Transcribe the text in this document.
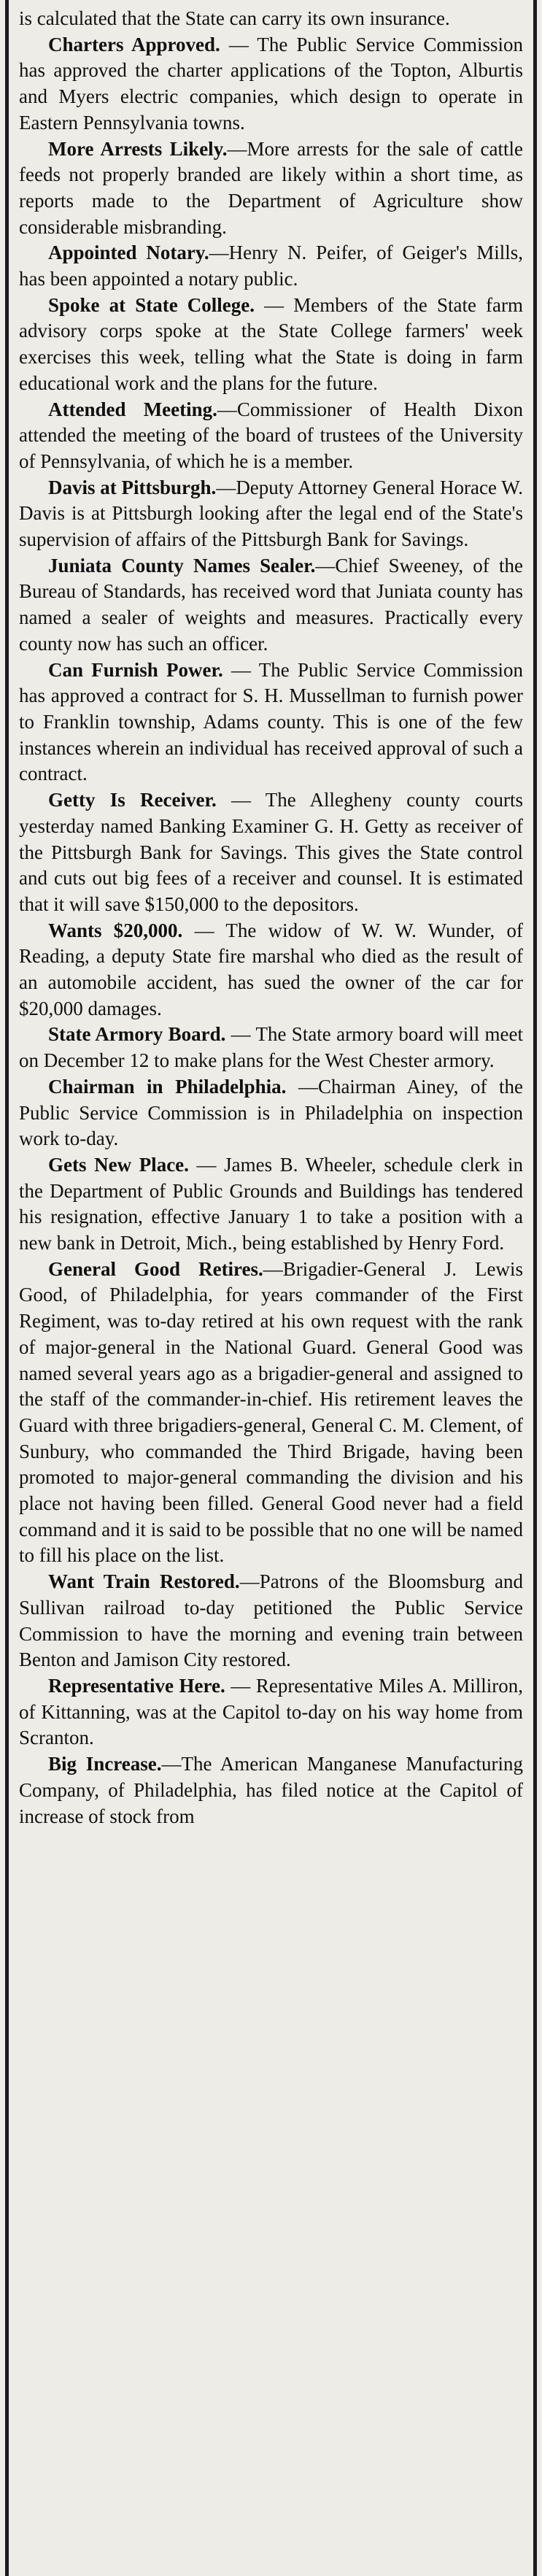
is calculated that the State can carry its own insurance.

Charters Approved. — The Public Service Commission has approved the charter applications of the Topton, Alburtis and Myers electric companies, which design to operate in Eastern Pennsylvania towns.

More Arrests Likely.—More arrests for the sale of cattle feeds not properly branded are likely within a short time, as reports made to the Department of Agriculture show considerable misbranding.

Appointed Notary.—Henry N. Peifer, of Geiger's Mills, has been appointed a notary public.

Spoke at State College. — Members of the State farm advisory corps spoke at the State College farmers' week exercises this week, telling what the State is doing in farm educational work and the plans for the future.

Attended Meeting.—Commissioner of Health Dixon attended the meeting of the board of trustees of the University of Pennsylvania, of which he is a member.

Davis at Pittsburgh.—Deputy Attorney General Horace W. Davis is at Pittsburgh looking after the legal end of the State's supervision of affairs of the Pittsburgh Bank for Savings.

Juniata County Names Sealer.—Chief Sweeney, of the Bureau of Standards, has received word that Juniata county has named a sealer of weights and measures. Practically every county now has such an officer.

Can Furnish Power. — The Public Service Commission has approved a contract for S. H. Mussellman to furnish power to Franklin township, Adams county. This is one of the few instances wherein an individual has received approval of such a contract.

Getty Is Receiver. — The Allegheny county courts yesterday named Banking Examiner G. H. Getty as receiver of the Pittsburgh Bank for Savings. This gives the State control and cuts out big fees of a receiver and counsel. It is estimated that it will save $150,000 to the depositors.

Wants $20,000. — The widow of W. W. Wunder, of Reading, a deputy State fire marshal who died as the result of an automobile accident, has sued the owner of the car for $20,000 damages.

State Armory Board. — The State armory board will meet on December 12 to make plans for the West Chester armory.

Chairman in Philadelphia. —Chairman Ainey, of the Public Service Commission is in Philadelphia on inspection work to-day.

Gets New Place. — James B. Wheeler, schedule clerk in the Department of Public Grounds and Buildings has tendered his resignation, effective January 1 to take a position with a new bank in Detroit, Mich., being established by Henry Ford.

General Good Retires.—Brigadier-General J. Lewis Good, of Philadelphia, for years commander of the First Regiment, was to-day retired at his own request with the rank of major-general in the National Guard. General Good was named several years ago as a brigadier-general and assigned to the staff of the commander-in-chief. His retirement leaves the Guard with three brigadiers-general, General C. M. Clement, of Sunbury, who commanded the Third Brigade, having been promoted to major-general commanding the division and his place not having been filled. General Good never had a field command and it is said to be possible that no one will be named to fill his place on the list.

Want Train Restored.—Patrons of the Bloomsburg and Sullivan railroad to-day petitioned the Public Service Commission to have the morning and evening train between Benton and Jamison City restored.

Representative Here. — Representative Miles A. Milliron, of Kittanning, was at the Capitol to-day on his way home from Scranton.

Big Increase.—The American Manganese Manufacturing Company, of Philadelphia, has filed notice at the Capitol of increase of stock from
